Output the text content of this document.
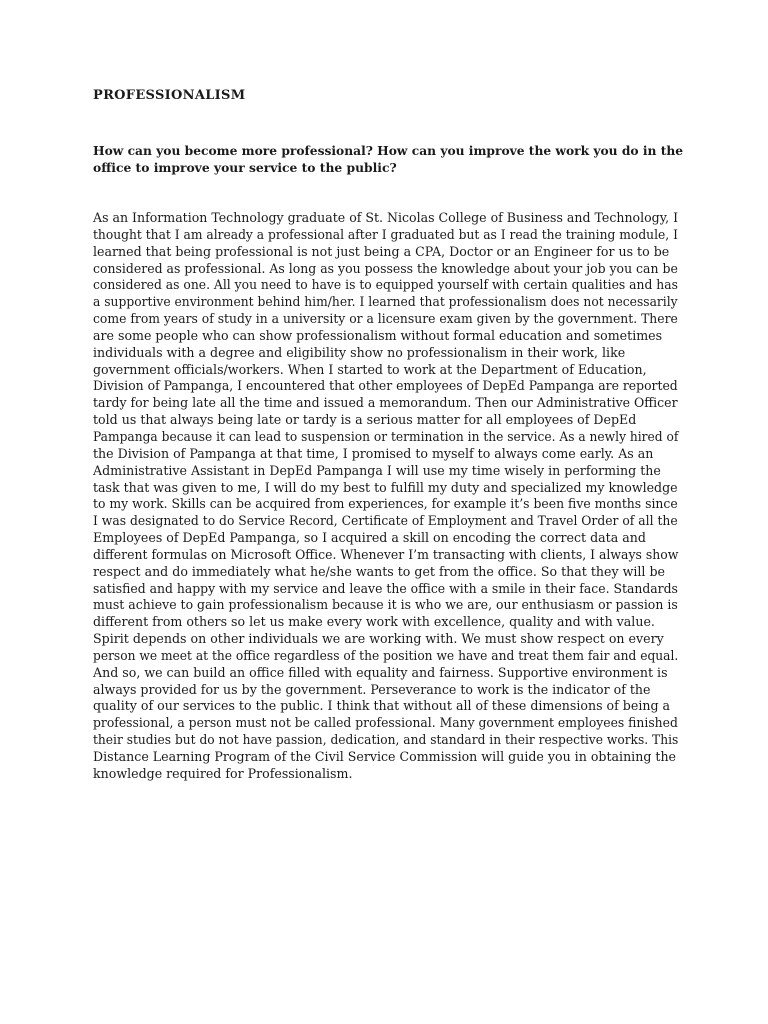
PROFESSIONALISM

How can you become more professional? How can you improve the work you do in the
office to improve your service to the public?

As an Information Technology graduate of St. Nicolas College of Business and Technology, I
thought that I am already a professional after I graduated but as I read the training module, I
learned that being professional is not just being a CPA, Doctor or an Engineer for us to be
considered as professional. As long as you possess the knowledge about your job you can be
considered as one. All you need to have is to equipped yourself with certain qualities and has
a supportive environment behind him/her. I learned that professionalism does not necessarily
come from years of study in a university or a licensure exam given by the government. There
are some people who can show professionalism without formal education and sometimes
individuals with a degree and eligibility show no professionalism in their work, like
government officials/workers. When I started to work at the Department of Education,
Division of Pampanga, I encountered that other employees of DepEd Pampanga are reported
tardy for being late all the time and issued a memorandum. Then our Administrative Officer
told us that always being late or tardy is a serious matter for all employees of DepEd
Pampanga because it can lead to suspension or termination in the service. As a newly hired of
the Division of Pampanga at that time, I promised to myself to always come early. As an
Administrative Assistant in DepEd Pampanga I will use my time wisely in performing the
task that was given to me, I will do my best to fulfill my duty and specialized my knowledge
to my work. Skills can be acquired from experiences, for example it’s been five months since
I was designated to do Service Record, Certificate of Employment and Travel Order of all the
Employees of DepEd Pampanga, so I acquired a skill on encoding the correct data and
different formulas on Microsoft Office. Whenever I’m transacting with clients, I always show
respect and do immediately what he/she wants to get from the office. So that they will be
satisfied and happy with my service and leave the office with a smile in their face. Standards
must achieve to gain professionalism because it is who we are, our enthusiasm or passion is
different from others so let us make every work with excellence, quality and with value.
Spirit depends on other individuals we are working with. We must show respect on every
person we meet at the office regardless of the position we have and treat them fair and equal.
And so, we can build an office filled with equality and fairness. Supportive environment is
always provided for us by the government. Perseverance to work is the indicator of the
quality of our services to the public. I think that without all of these dimensions of being a
professional, a person must not be called professional. Many government employees finished
their studies but do not have passion, dedication, and standard in their respective works. This
Distance Learning Program of the Civil Service Commission will guide you in obtaining the
knowledge required for Professionalism.
